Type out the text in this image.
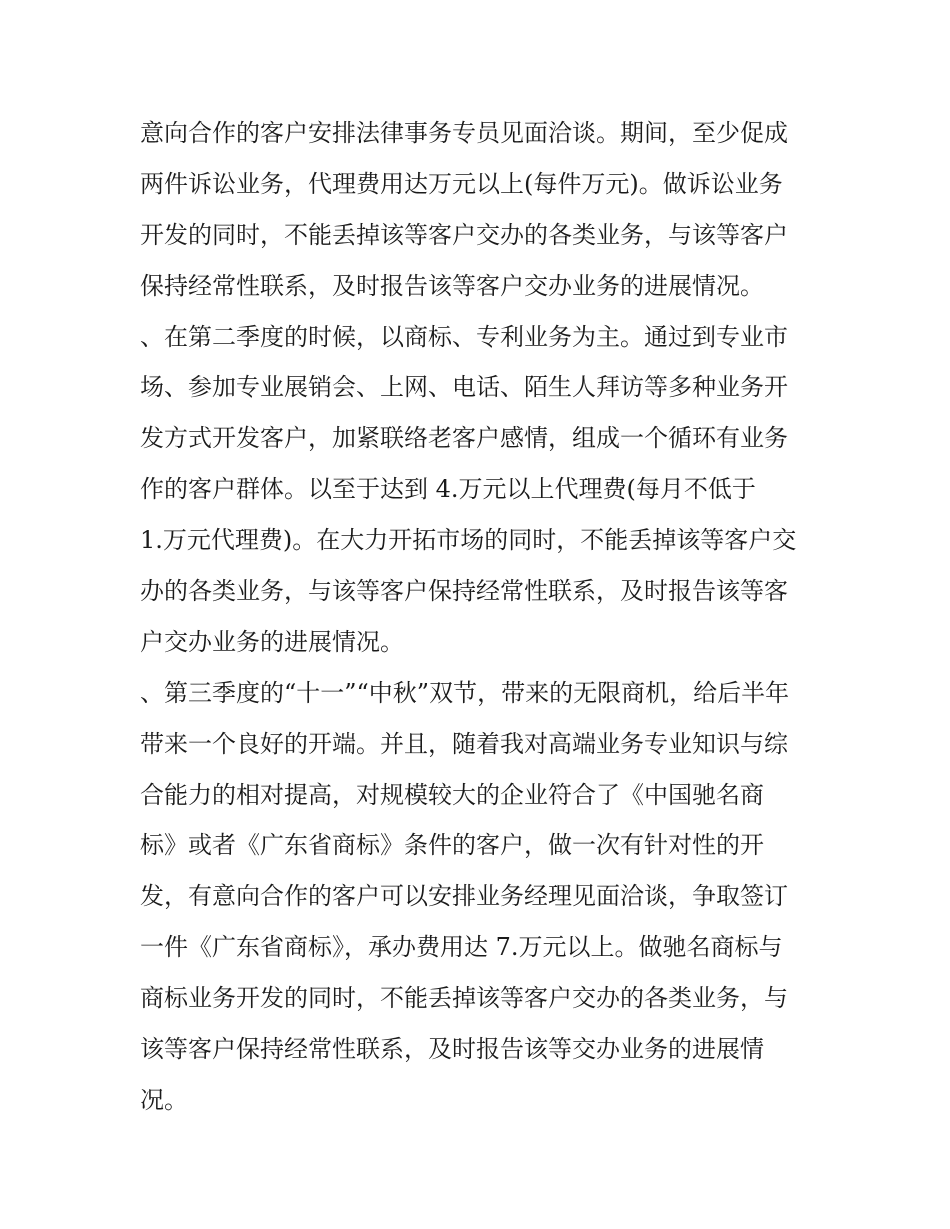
意向合作的客户安排法律事务专员见面洽谈。期间，至少促成
两件诉讼业务，代理费用达万元以上(每件万元)。做诉讼业务
开发的同时，不能丢掉该等客户交办的各类业务，与该等客户
保持经常性联系，及时报告该等客户交办业务的进展情况。
、在第二季度的时候，以商标、专利业务为主。通过到专业市
场、参加专业展销会、上网、电话、陌生人拜访等多种业务开
发方式开发客户，加紧联络老客户感情，组成一个循环有业务
作的客户群体。以至于达到 4.万元以上代理费(每月不低于
1.万元代理费)。在大力开拓市场的同时，不能丢掉该等客户交
办的各类业务，与该等客户保持经常性联系，及时报告该等客
户交办业务的进展情况。
、第三季度的“十一”“中秋”双节，带来的无限商机，给后半年
带来一个良好的开端。并且，随着我对高端业务专业知识与综
合能力的相对提高，对规模较大的企业符合了《中国驰名商
标》或者《广东省商标》条件的客户，做一次有针对性的开
发，有意向合作的客户可以安排业务经理见面洽谈，争取签订
一件《广东省商标》，承办费用达 7.万元以上。做驰名商标与
商标业务开发的同时，不能丢掉该等客户交办的各类业务，与
该等客户保持经常性联系，及时报告该等交办业务的进展情
况。
